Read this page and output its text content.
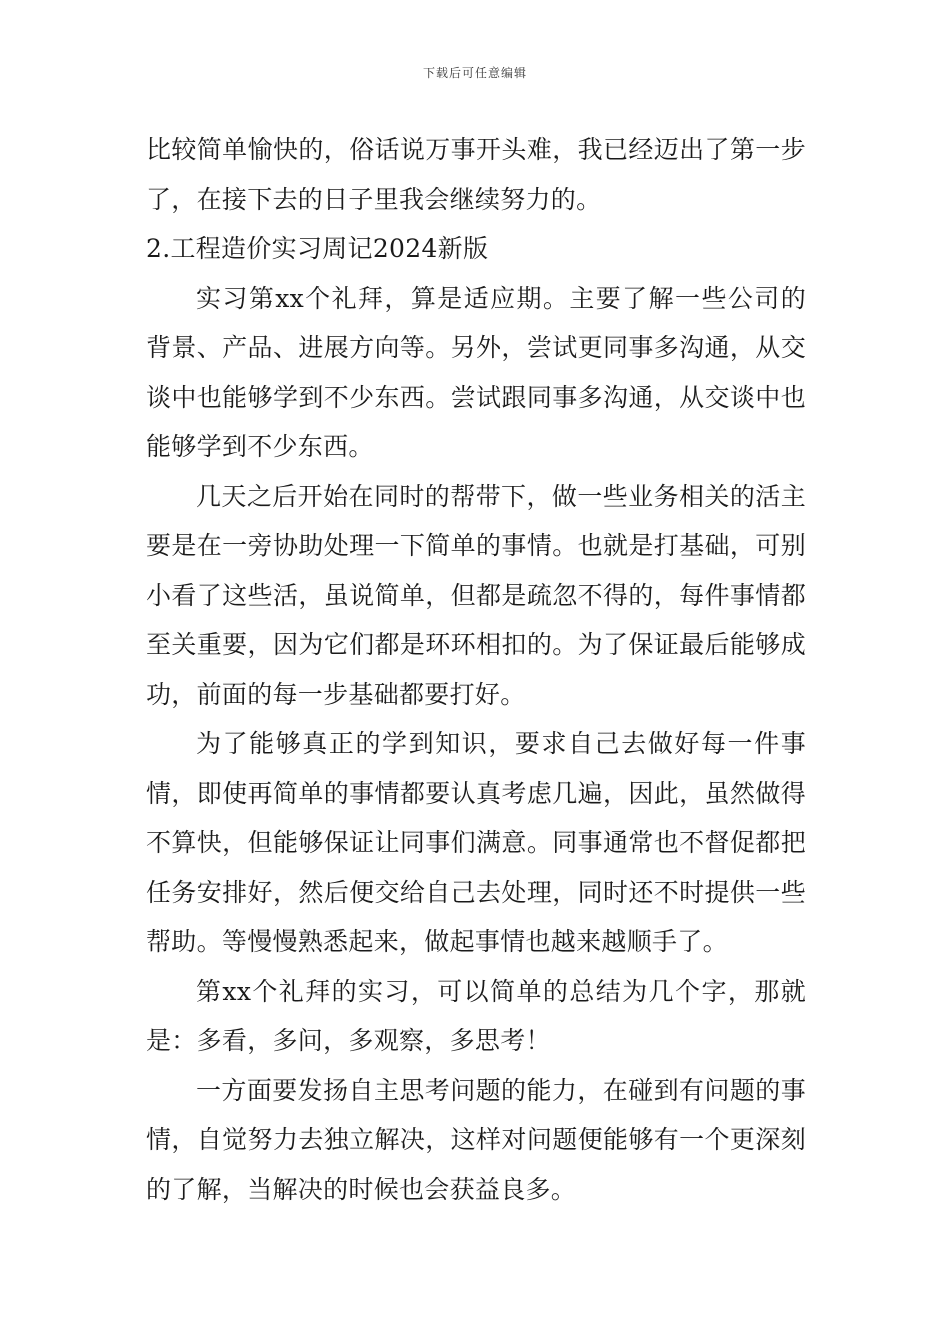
下载后可任意编辑

比较简单愉快的，俗话说万事开头难，我已经迈出了第一步了，在接下去的日子里我会继续努力的。

2.工程造价实习周记2024新版

实习第xx个礼拜，算是适应期。主要了解一些公司的背景、产品、进展方向等。另外，尝试更同事多沟通，从交谈中也能够学到不少东西。尝试跟同事多沟通，从交谈中也能够学到不少东西。

几天之后开始在同时的帮带下，做一些业务相关的活主要是在一旁协助处理一下简单的事情。也就是打基础，可别小看了这些活，虽说简单，但都是疏忽不得的，每件事情都至关重要，因为它们都是环环相扣的。为了保证最后能够成功，前面的每一步基础都要打好。

为了能够真正的学到知识，要求自己去做好每一件事情，即使再简单的事情都要认真考虑几遍，因此，虽然做得不算快，但能够保证让同事们满意。同事通常也不督促都把任务安排好，然后便交给自己去处理，同时还不时提供一些帮助。等慢慢熟悉起来，做起事情也越来越顺手了。

第xx个礼拜的实习，可以简单的总结为几个字，那就是：多看，多问，多观察，多思考！

一方面要发扬自主思考问题的能力，在碰到有问题的事情，自觉努力去独立解决，这样对问题便能够有一个更深刻的了解，当解决的时候也会获益良多。
